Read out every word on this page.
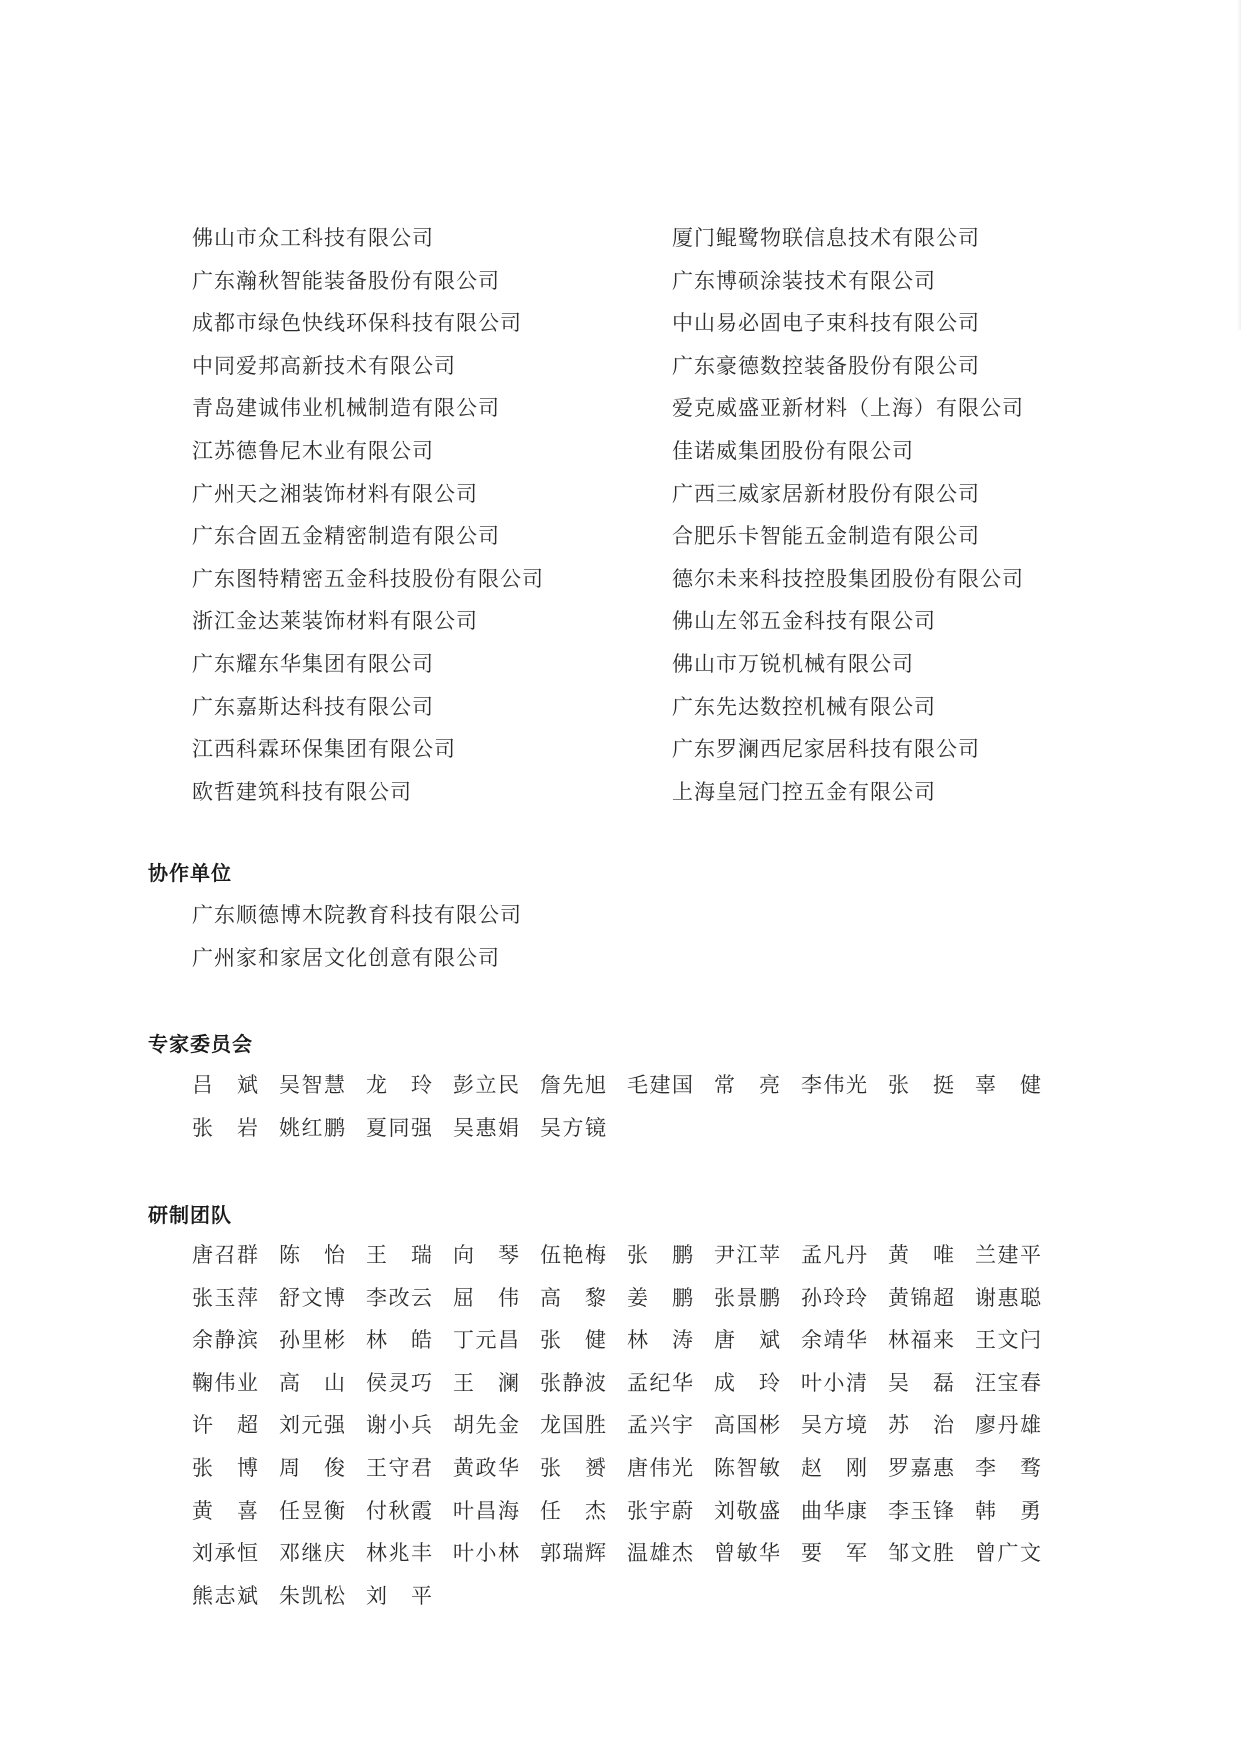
佛山市众工科技有限公司	厦门鲲鹭物联信息技术有限公司
广东瀚秋智能装备股份有限公司	广东博硕涂装技术有限公司
成都市绿色快线环保科技有限公司	中山易必固电子束科技有限公司
中同爱邦高新技术有限公司	广东豪德数控装备股份有限公司
青岛建诚伟业机械制造有限公司	爱克威盛亚新材料（上海）有限公司
江苏德鲁尼木业有限公司	佳诺威集团股份有限公司
广州天之湘装饰材料有限公司	广西三威家居新材股份有限公司
广东合固五金精密制造有限公司	合肥乐卡智能五金制造有限公司
广东图特精密五金科技股份有限公司	德尔未来科技控股集团股份有限公司
浙江金达莱装饰材料有限公司	佛山左邻五金科技有限公司
广东耀东华集团有限公司	佛山市万锐机械有限公司
广东嘉斯达科技有限公司	广东先达数控机械有限公司
江西科霖环保集团有限公司	广东罗澜西尼家居科技有限公司
欧哲建筑科技有限公司	上海皇冠门控五金有限公司
协作单位
广东顺德博木院教育科技有限公司
广州家和家居文化创意有限公司
专家委员会
吕 斌 吴 智 慧 龙 玲 彭 立 民 詹 先 旭 毛 建 国 常 亮 李 伟 光 张 挺 辜 健
张 岩 姚 红 鹏 夏 同 强 吴 惠 娟 吴 方 镜
研制团队
唐 召 群 陈 怡 王 瑞 向 琴 伍 艳 梅 张 鹏 尹 江 苹 孟 凡 丹 黄 唯 兰 建 平
张 玉 萍 舒 文 博 李 改 云 屈 伟 高 黎 姜 鹏 张 景 鹏 孙 玲 玲 黄 锦 超 谢 惠 聪
余 静 滨 孙 里 彬 林 皓 丁 元 昌 张 健 林 涛 唐 斌 余 靖 华 林 福 来 王 文 闩
鞠 伟 业 高 山 侯 灵 巧 王 澜 张 静 波 孟 纪 华 成 玲 叶 小 清 吴 磊 汪 宝 春
许 超 刘 元 强 谢 小 兵 胡 先 金 龙 国 胜 孟 兴 宇 高 国 彬 吴 方 境 苏 治 廖 丹 雄
张 博 周 俊 王 守 君 黄 政 华 张 赟 唐 伟 光 陈 智 敏 赵 刚 罗 嘉 惠 李 骛
黄 喜 任 昱 衡 付 秋 霞 叶 昌 海 任 杰 张 宇 蔚 刘 敬 盛 曲 华 康 李 玉 锋 韩 勇
刘 承 恒 邓 继 庆 林 兆 丰 叶 小 林 郭 瑞 辉 温 雄 杰 曾 敏 华 要 军 邹 文 胜 曾 广 文
熊 志 斌 朱 凯 松 刘 平
